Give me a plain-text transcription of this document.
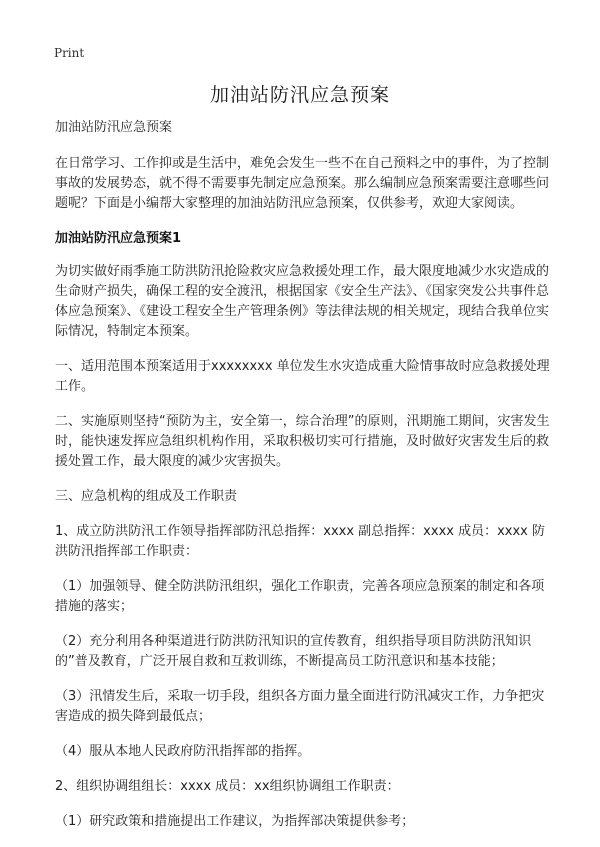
Print
加油站防汛应急预案

加油站防汛应急预案

在日常学习、工作抑或是生活中，难免会发生一些不在自己预料之中的事件，为了控制事故的发展势态，就不得不需要事先制定应急预案。那么编制应急预案需要注意哪些问题呢？下面是小编帮大家整理的加油站防汛应急预案，仅供参考，欢迎大家阅读。

加油站防汛应急预案1

为切实做好雨季施工防洪防汛抢险救灾应急救援处理工作，最大限度地减少水灾造成的生命财产损失，确保工程的安全渡汛，根据国家《安全生产法》、《国家突发公共事件总体应急预案》、《建设工程安全生产管理条例》等法律法规的相关规定，现结合我单位实际情况，特制定本预案。

一、适用范围本预案适用于xxxxxxxx 单位发生水灾造成重大险情事故时应急救援处理工作。

二、实施原则坚持“预防为主，安全第一，综合治理”的原则，汛期施工期间，灾害发生时，能快速发挥应急组织机构作用，采取积极切实可行措施，及时做好灾害发生后的救援处置工作，最大限度的减少灾害损失。

三、应急机构的组成及工作职责

1、成立防洪防汛工作领导指挥部防汛总指挥：xxxx 副总指挥：xxxx 成员：xxxx 防洪防汛指挥部工作职责：

（1）加强领导、健全防洪防汛组织，强化工作职责，完善各项应急预案的制定和各项措施的落实；

（2）充分利用各种渠道进行防洪防汛知识的宣传教育，组织指导项目防洪防汛知识的”普及教育，广泛开展自救和互救训练，不断提高员工防汛意识和基本技能；

（3）汛情发生后，采取一切手段，组织各方面力量全面进行防汛减灾工作，力争把灾害造成的损失降到最低点；

（4）服从本地人民政府防汛指挥部的指挥。

2、组织协调组组长：xxxx 成员：xx组织协调组工作职责：

（1）研究政策和措施提出工作建议，为指挥部决策提供参考；
